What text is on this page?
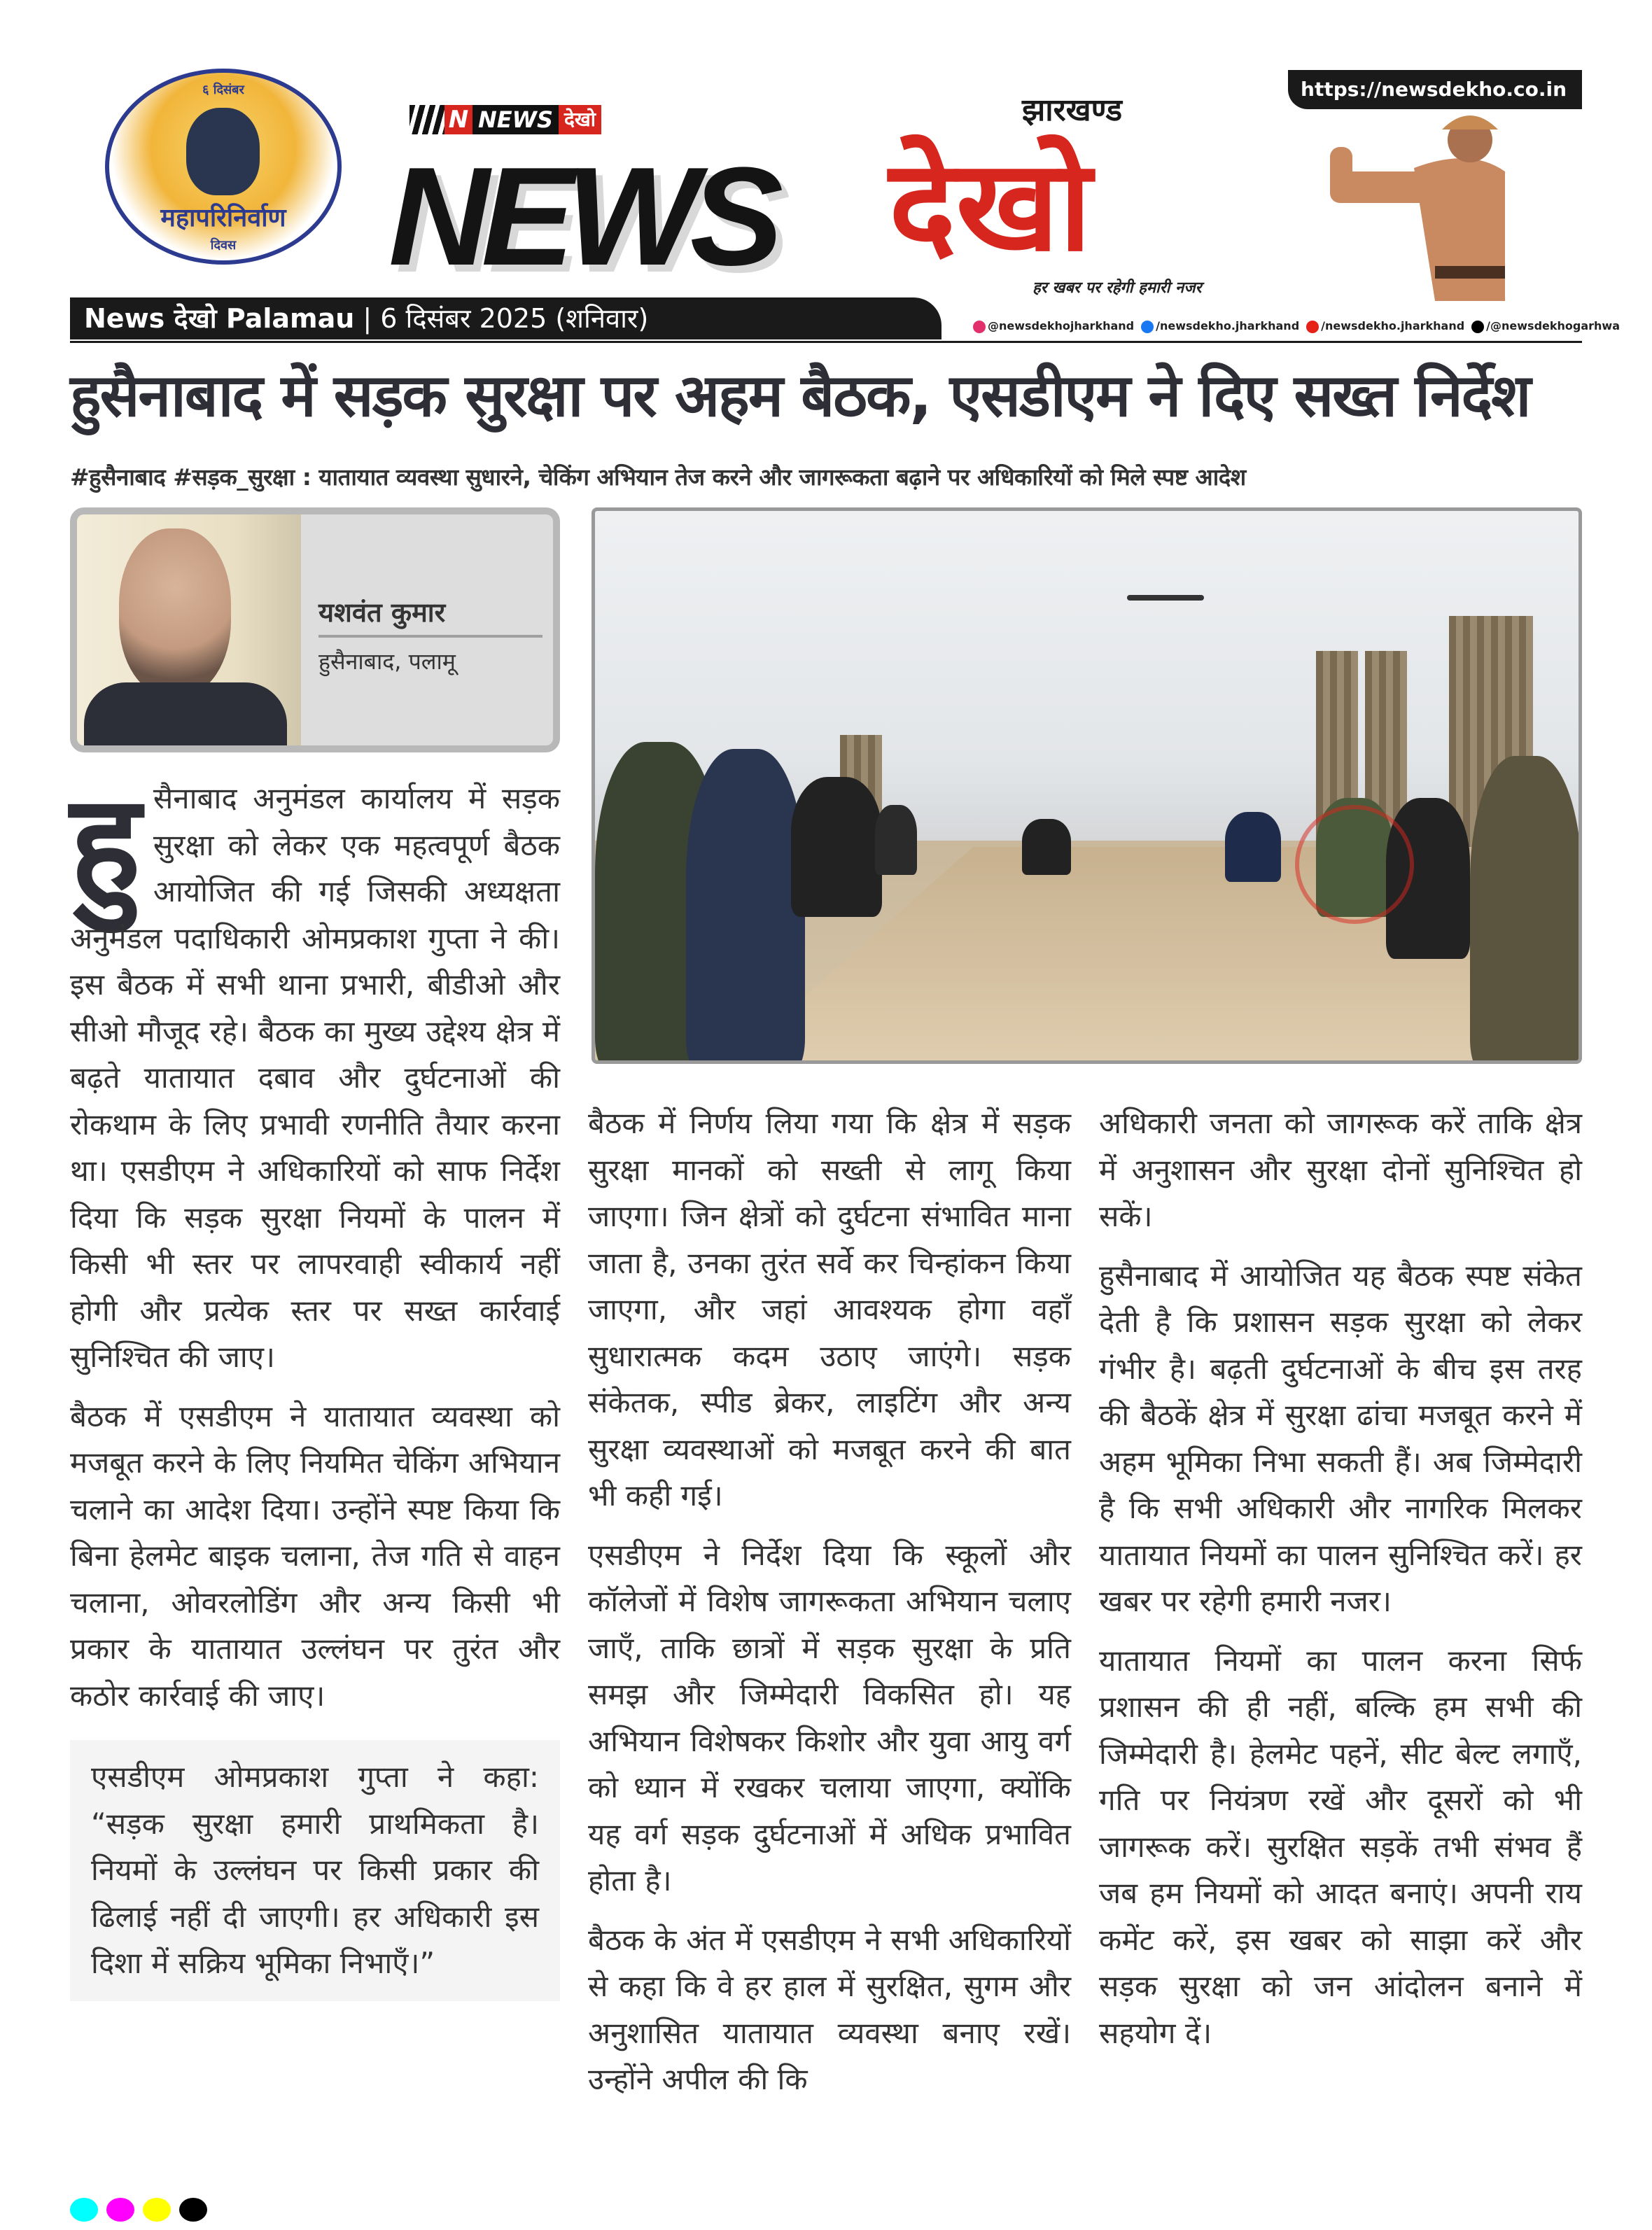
६ दिसंबर
महापरिनिर्वाण
दिवस
https://newsdekho.co.in
N NEWS देखो
NEWS
झारखण्ड
देखो
हर खबर पर रहेगी हमारी नजर
News देखो Palamau | 6 दिसंबर 2025 (शनिवार)	@newsdekhojharkhand	/newsdekho.jharkhand	/newsdekho.jharkhand	/@newsdekhogarhwa
हुसैनाबाद में सड़क सुरक्षा पर अहम बैठक, एसडीएम ने दिए सख्त निर्देश
#हुसैनाबाद #सड़क_सुरक्षा : यातायात व्यवस्था सुधारने, चेकिंग अभियान तेज करने और जागरूकता बढ़ाने पर अधिकारियों को मिले स्पष्ट आदेश
यशवंत कुमार
हुसैनाबाद, पलामू

हुसैनाबाद अनुमंडल कार्यालय में सड़क सुरक्षा को लेकर एक महत्वपूर्ण बैठक आयोजित की गई जिसकी अध्यक्षता अनुमंडल पदाधिकारी ओमप्रकाश गुप्ता ने की। इस बैठक में सभी थाना प्रभारी, बीडीओ और सीओ मौजूद रहे। बैठक का मुख्य उद्देश्य क्षेत्र में बढ़ते यातायात दबाव और दुर्घटनाओं की रोकथाम के लिए प्रभावी रणनीति तैयार करना था। एसडीएम ने अधिकारियों को साफ निर्देश दिया कि सड़क सुरक्षा नियमों के पालन में किसी भी स्तर पर लापरवाही स्वीकार्य नहीं होगी और प्रत्येक स्तर पर सख्त कार्रवाई सुनिश्चित की जाए।

बैठक में एसडीएम ने यातायात व्यवस्था को मजबूत करने के लिए नियमित चेकिंग अभियान चलाने का आदेश दिया। उन्होंने स्पष्ट किया कि बिना हेलमेट बाइक चलाना, तेज गति से वाहन चलाना, ओवरलोडिंग और अन्य किसी भी प्रकार के यातायात उल्लंघन पर तुरंत और कठोर कार्रवाई की जाए।

एसडीएम ओमप्रकाश गुप्ता ने कहा: “सड़क सुरक्षा हमारी प्राथमिकता है। नियमों के उल्लंघन पर किसी प्रकार की ढिलाई नहीं दी जाएगी। हर अधिकारी इस दिशा में सक्रिय भूमिका निभाएँ।”

बैठक में निर्णय लिया गया कि क्षेत्र में सड़क सुरक्षा मानकों को सख्ती से लागू किया जाएगा। जिन क्षेत्रों को दुर्घटना संभावित माना जाता है, उनका तुरंत सर्वे कर चिन्हांकन किया जाएगा, और जहां आवश्यक होगा वहाँ सुधारात्मक कदम उठाए जाएंगे। सड़क संकेतक, स्पीड ब्रेकर, लाइटिंग और अन्य सुरक्षा व्यवस्थाओं को मजबूत करने की बात भी कही गई।

एसडीएम ने निर्देश दिया कि स्कूलों और कॉलेजों में विशेष जागरूकता अभियान चलाए जाएँ, ताकि छात्रों में सड़क सुरक्षा के प्रति समझ और जिम्मेदारी विकसित हो। यह अभियान विशेषकर किशोर और युवा आयु वर्ग को ध्यान में रखकर चलाया जाएगा, क्योंकि यह वर्ग सड़क दुर्घटनाओं में अधिक प्रभावित होता है।

बैठक के अंत में एसडीएम ने सभी अधिकारियों से कहा कि वे हर हाल में सुरक्षित, सुगम और अनुशासित यातायात व्यवस्था बनाए रखें। उन्होंने अपील की कि

अधिकारी जनता को जागरूक करें ताकि क्षेत्र में अनुशासन और सुरक्षा दोनों सुनिश्चित हो सकें।

हुसैनाबाद में आयोजित यह बैठक स्पष्ट संकेत देती है कि प्रशासन सड़क सुरक्षा को लेकर गंभीर है। बढ़ती दुर्घटनाओं के बीच इस तरह की बैठकें क्षेत्र में सुरक्षा ढांचा मजबूत करने में अहम भूमिका निभा सकती हैं। अब जिम्मेदारी है कि सभी अधिकारी और नागरिक मिलकर यातायात नियमों का पालन सुनिश्चित करें। हर खबर पर रहेगी हमारी नजर।

यातायात नियमों का पालन करना सिर्फ प्रशासन की ही नहीं, बल्कि हम सभी की जिम्मेदारी है। हेलमेट पहनें, सीट बेल्ट लगाएँ, गति पर नियंत्रण रखें और दूसरों को भी जागरूक करें। सुरक्षित सड़कें तभी संभव हैं जब हम नियमों को आदत बनाएं। अपनी राय कमेंट करें, इस खबर को साझा करें और सड़क सुरक्षा को जन आंदोलन बनाने में सहयोग दें।
